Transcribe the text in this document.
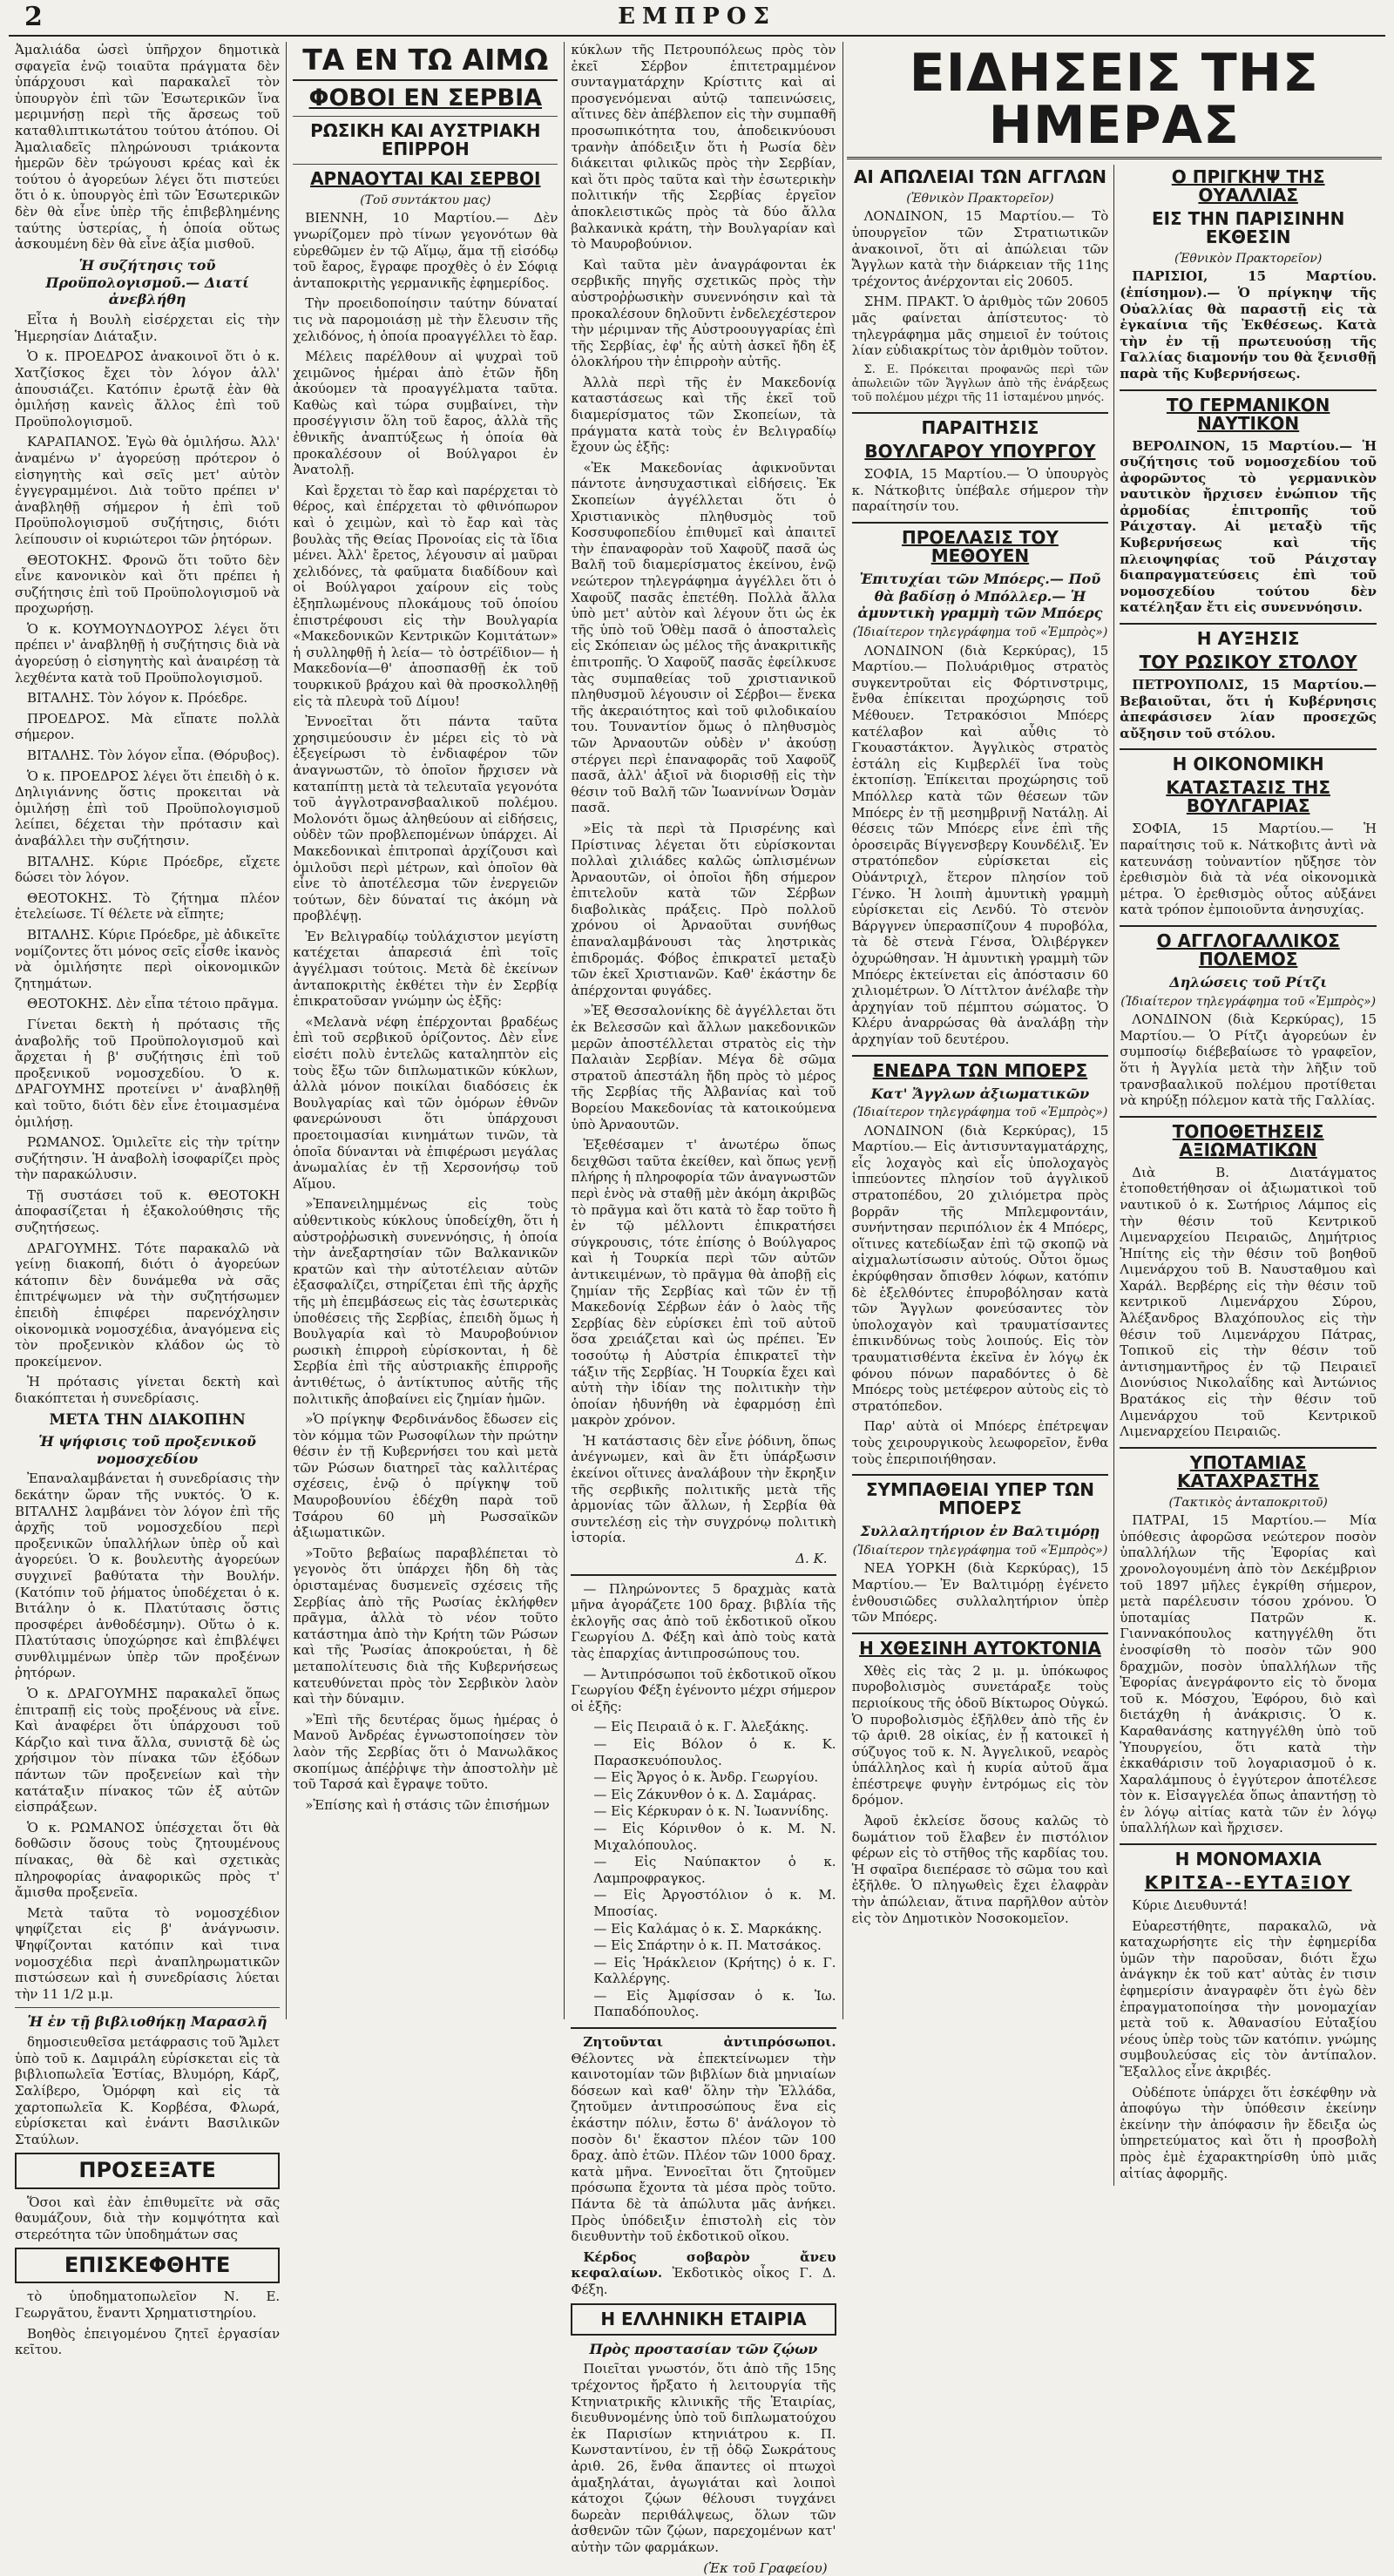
2	ΕΜΠΡΟΣ

Ἀμαλιάδα ὡσεὶ ὑπῆρχον δημοτικὰ σφαγεῖα ἐνῷ τοιαῦτα πράγματα δὲν ὑπάρχουσι καὶ παρακαλεῖ τὸν ὑπουργὸν ἐπὶ τῶν Ἐσωτερικῶν ἵνα μεριμνήσῃ περὶ τῆς ἄρσεως τοῦ καταθλιπτικωτάτου τούτου ἀτόπου. Οἱ Ἀμαλιαδεῖς πληρώνουσι τριάκοντα ἡμερῶν δὲν τρώγουσι κρέας καὶ ἐκ τούτου ὁ ἀγορεύων λέγει ὅτι πιστεύει ὅτι ὁ κ. ὑπουργὸς ἐπὶ τῶν Ἐσωτερικῶν δὲν θὰ εἶνε ὑπὲρ τῆς ἐπιβεβλημένης ταύτης ὑστερίας, ἡ ὁποία οὕτως ἀσκουμένη δὲν θὰ εἶνε ἀξία μισθοῦ.

Ἡ συζήτησις τοῦ Προϋπολογισμοῦ.— Διατί ἀνεβλήθη

Εἶτα ἡ Βουλὴ εἰσέρχεται εἰς τὴν Ἡμερησίαν Διάταξιν.

Ὁ κ. ΠΡΟΕΔΡΟΣ ἀνακοινοῖ ὅτι ὁ κ. Χατζίσκος ἔχει τὸν λόγον ἀλλ' ἀπουσιάζει. Κατόπιν ἐρωτᾷ ἐὰν θὰ ὁμιλήσῃ κανεὶς ἄλλος ἐπὶ τοῦ Προϋπολογισμοῦ.

ΚΑΡΑΠΑΝΟΣ. Ἐγὼ θὰ ὁμιλήσω. Ἀλλ' ἀναμένω ν' ἀγορεύσῃ πρότερον ὁ εἰσηγητὴς καὶ σεῖς μετ' αὐτὸν ἐγγεγραμμένοι. Διὰ τοῦτο πρέπει ν' ἀναβληθῇ σήμερον ἡ ἐπὶ τοῦ Προϋπολογισμοῦ συζήτησις, διότι λείπουσιν οἱ κυριώτεροι τῶν ῥητόρων.

ΘΕΟΤΟΚΗΣ. Φρονῶ ὅτι τοῦτο δὲν εἶνε κανονικὸν καὶ ὅτι πρέπει ἡ συζήτησις ἐπὶ τοῦ Προϋπολογισμοῦ νὰ προχωρήσῃ.

Ὁ κ. ΚΟΥΜΟΥΝΔΟΥΡΟΣ λέγει ὅτι πρέπει ν' ἀναβληθῇ ἡ συζήτησις διὰ νὰ ἀγορεύσῃ ὁ εἰσηγητὴς καὶ ἀναιρέσῃ τὰ λεχθέντα κατὰ τοῦ Προϋπολογισμοῦ.

ΒΙΤΑΛΗΣ. Τὸν λόγον κ. Πρόεδρε.

ΠΡΟΕΔΡΟΣ. Μὰ εἴπατε πολλὰ σήμερον.

ΒΙΤΑΛΗΣ. Τὸν λόγον εἶπα. (Θόρυβος).

Ὁ κ. ΠΡΟΕΔΡΟΣ λέγει ὅτι ἐπειδὴ ὁ κ. Δηλιγιάννης ὅστις προκειται νὰ ὁμιλήσῃ ἐπὶ τοῦ Προϋπολογισμοῦ λείπει, δέχεται τὴν πρότασιν καὶ ἀναβάλλει τὴν συζήτησιν.

ΒΙΤΑΛΗΣ. Κύριε Πρόεδρε, εἴχετε δώσει τὸν λόγον.

ΘΕΟΤΟΚΗΣ. Τὸ ζήτημα πλέον ἐτελείωσε. Τί θέλετε νὰ εἴπητε;

ΒΙΤΑΛΗΣ. Κύριε Πρόεδρε, μὲ ἀδικεῖτε νομίζοντες ὅτι μόνος σεῖς εἶσθε ἱκανὸς νὰ ὁμιλήσητε περὶ οἰκονομικῶν ζητημάτων.

ΘΕΟΤΟΚΗΣ. Δὲν εἶπα τέτοιο πρᾶγμα.

Γίνεται δεκτὴ ἡ πρότασις τῆς ἀναβολῆς τοῦ Προϋπολογισμοῦ καὶ ἄρχεται ἡ β' συζήτησις ἐπὶ τοῦ προξενικοῦ νομοσχεδίου. Ὁ κ. ΔΡΑΓΟΥΜΗΣ προτείνει ν' ἀναβληθῇ καὶ τοῦτο, διότι δὲν εἶνε ἑτοιμασμένα ὁμιλήσῃ.

ΡΩΜΑΝΟΣ. Ὁμιλεῖτε εἰς τὴν τρίτην συζήτησιν. Ἡ ἀναβολὴ ἰσοφαρίζει πρὸς τὴν παρακώλυσιν.

Τῇ συστάσει τοῦ κ. ΘΕΟΤΟΚΗ ἀποφασίζεται ἡ ἐξακολούθησις τῆς συζητήσεως.

ΔΡΑΓΟΥΜΗΣ. Τότε παρακαλῶ νὰ γείνῃ διακοπή, διότι ὁ ἀγορεύων κάτοπιν δὲν δυνάμεθα νὰ σᾶς ἐπιτρέψωμεν νὰ τὴν συζητήσωμεν ἐπειδὴ ἐπιφέρει παρενόχλησιν οἰκονομικὰ νομοσχέδια, ἀναγόμενα εἰς τὸν προξενικὸν κλάδον ὡς τὸ προκείμενον.

Ἡ πρότασις γίνεται δεκτὴ καὶ διακόπτεται ἡ συνεδρίασις.

ΜΕΤΑ ΤΗΝ ΔΙΑΚΟΠΗΝ
Ἡ ψήφισις τοῦ προξενικοῦ νομοσχεδίου

Ἐπαναλαμβάνεται ἡ συνεδρίασις τὴν δεκάτην ὥραν τῆς νυκτός. Ὁ κ. ΒΙΤΑΛΗΣ λαμβάνει τὸν λόγον ἐπὶ τῆς ἀρχῆς τοῦ νομοσχεδίου περὶ προξενικῶν ὑπαλλήλων ὑπὲρ οὗ καὶ ἀγορεύει. Ὁ κ. βουλευτὴς ἀγορεύων συγχινεῖ βαθύτατα τὴν Βουλήν. (Κατόπιν τοῦ ῥήματος ὑποδέχεται ὁ κ. Βιτάλην ὁ κ. Πλατύτασις ὅστις προσφέρει ἀνθοδέσμην). Οὕτω ὁ κ. Πλατύτασις ὑποχώρησε καὶ ἐπιβλέψει συνθλιμμένων ὑπὲρ τῶν προξένων ῥητόρων.

Ὁ κ. ΔΡΑΓΟΥΜΗΣ παρακαλεῖ ὅπως ἐπιτραπῇ εἰς τοὺς προξένους νὰ εἶνε. Καὶ ἀναφέρει ὅτι ὑπάρχουσι τοῦ Κάρζιο καὶ τινα ἄλλα, συνιστᾷ δὲ ὡς χρήσιμον τὸν πίνακα τῶν ἐξόδων πάντων τῶν προξενείων καὶ τὴν κατάταξιν πίνακος τῶν ἐξ αὐτῶν εἰσπράξεων.

Ὁ κ. ΡΩΜΑΝΟΣ ὑπέσχεται ὅτι θὰ δοθῶσιν ὅσους τοὺς ζητουμένους πίνακας, θὰ δὲ καὶ σχετικὰς πληροφορίας ἀναφορικῶς πρὸς τ' ἄμισθα προξενεῖα.

Μετὰ ταῦτα τὸ νομοσχέδιον ψηφίζεται εἰς β' ἀνάγνωσιν. Ψηφίζονται κατόπιν καὶ τινα νομοσχέδια περὶ ἀναπληρωματικῶν πιστώσεων καὶ ἡ συνεδρίασις λύεται τὴν 11 1/2 μ.μ.

Ἡ ἐν τῇ βιβλιοθήκῃ Μαρασλῆ

δημοσιευθεῖσα μετάφρασις τοῦ Ἄμλετ ὑπὸ τοῦ κ. Δαμιράλη εὑρίσκεται εἰς τὰ βιβλιοπωλεῖα Ἑστίας, Βλυμόρη, Κάρζ, Σαλίβερο, Ὁμόρφη καὶ εἰς τὰ χαρτοπωλεῖα Κ. Κορβέσα, Φλωρά, εὑρίσκεται καὶ ἐνάντι Βασιλικῶν Σταύλων.

ΠΡΟΣΕΞΑΤΕ

Ὅσοι καὶ ἐὰν ἐπιθυμεῖτε νὰ σᾶς θαυμάζουν, διὰ τὴν κομψότητα καὶ στερεότητα τῶν ὑποδημάτων σας

ΕΠΙΣΚΕΦΘΗΤΕ

τὸ ὑποδηματοπωλεῖον Ν. Ε. Γεωργᾶτου, ἔναντι Χρηματιστηρίου.

Βοηθὸς ἐπειγομένου ζητεῖ ἐργασίαν κεῖτου.

ΤΑ ΕΝ ΤΩ ΑΙΜΩ
ΦΟΒΟΙ ΕΝ ΣΕΡΒΙΑ
ΡΩΣΙΚΗ ΚΑΙ ΑΥΣΤΡΙΑΚΗ ΕΠΙΡΡΟΗ
ΑΡΝΑΟΥΤΑΙ ΚΑΙ ΣΕΡΒΟΙ
(Τοῦ συντάκτου μας)

ΒΙΕΝΝΗ, 10 Μαρτίου.— Δὲν γνωρίζομεν πρὸ τίνων γεγονότων θὰ εὑρεθῶμεν ἐν τῷ Αἵμῳ, ἅμα τῇ εἰσόδῳ τοῦ ἔαρος, ἔγραφε προχθὲς ὁ ἐν Σόφιᾳ ἀνταποκριτὴς γερμανικῆς ἐφημερίδος.

Τὴν προειδοποίησιν ταύτην δύναταί τις νὰ παρομοιάσῃ μὲ τὴν ἔλευσιν τῆς χελιδόνος, ἡ ὁποία προαγγέλλει τὸ ἔαρ.

Μέλεις παρέλθουν αἱ ψυχραὶ τοῦ χειμῶνος ἡμέραι ἀπὸ ἐτῶν ἤδη ἀκούομεν τὰ προαγγέλματα ταῦτα. Καθὼς καὶ τώρα συμβαίνει, τὴν προσέγγισιν ὅλη τοῦ ἔαρος, ἀλλὰ τῆς ἐθνικῆς ἀναπτύξεως ἡ ὁποία θὰ προκαλέσουν οἱ Βούλγαροι ἐν Ἀνατολῇ.

Καὶ ἔρχεται τὸ ἔαρ καὶ παρέρχεται τὸ θέρος, καὶ ἐπέρχεται τὸ φθινόπωρον καὶ ὁ χειμὼν, καὶ τὸ ἔαρ καὶ τὰς βουλὰς τῆς Θείας Προνοίας εἰς τὰ ἴδια μένει. Ἀλλ' ἔρετος, λέγουσιν αἱ μαῦραι χελιδόνες, τὰ φαῦματα διαδίδουν καὶ οἱ Βούλγαροι χαίρουν εἰς τοὺς ἐξηπλωμένους πλοκάμους τοῦ ὁποίου ἐπιστρέφουσι εἰς τὴν Βουλγαρία «Μακεδονικῶν Κεντρικῶν Κομιτάτων» ἡ συλληφθῇ ἡ λεία— τὸ ὀστρέϊδιον— ἡ Μακεδονία—θ' ἀποσπασθῇ ἐκ τοῦ τουρκικοῦ βράχου καὶ θὰ προσκολληθῇ εἰς τὰ πλευρὰ τοῦ Δίμου!

Ἐννοεῖται ὅτι πάντα ταῦτα χρησιμεύουσιν ἐν μέρει εἰς τὸ νὰ ἐξεγείρωσι τὸ ἐνδιαφέρον τῶν ἀναγνωστῶν, τὸ ὁποῖον ἤρχισεν νὰ καταπίπτῃ μετὰ τὰ τελευταῖα γεγονότα τοῦ ἀγγλοτρανσβααλικοῦ πολέμου. Μολονότι ὅμως ἀληθεύουν αἱ εἰδήσεις, οὐδὲν τῶν προβλεπομένων ὑπάρχει. Αἱ Μακεδονικαὶ ἐπιτροπαὶ ἀρχίζουσι καὶ ὁμιλοῦσι περὶ μέτρων, καὶ ὁποῖον θὰ εἶνε τὸ ἀποτέλεσμα τῶν ἐνεργειῶν τούτων, δὲν δύναταί τις ἀκόμη νὰ προβλέψῃ.

Ἐν Βελιγραδίῳ τοὐλάχιστον μεγίστη κατέχεται ἀπαρεσιά ἐπὶ τοῖς ἀγγέλμασι τούτοις. Μετὰ δὲ ἐκείνων ἀνταποκριτὴς ἐκθέτει τὴν ἐν Σερβίᾳ ἐπικρατοῦσαν γνώμην ὡς ἑξῆς:

«Μελανὰ νέφη ἐπέρχονται βραδέως ἐπὶ τοῦ σερβικοῦ ὁρίζοντος. Δὲν εἶνε εἰσέτι πολὺ ἐντελῶς καταληπτὸν εἰς τοὺς ἔξω τῶν διπλωματικῶν κύκλων, ἀλλὰ μόνον ποικίλαι διαδόσεις ἐκ Βουλγαρίας καὶ τῶν ὁμόρων ἐθνῶν φανερώνουσι ὅτι ὑπάρχουσι προετοιμασίαι κινημάτων τινῶν, τὰ ὁποῖα δύνανται νὰ ἐπιφέρωσι μεγάλας ἀνωμαλίας ἐν τῇ Χερσονήσῳ τοῦ Αἵμου.

»Ἐπανειλημμένως εἰς τοὺς αὐθεντικοὺς κύκλους ὑποδείχθη, ὅτι ἡ αὐστροῤῥωσικὴ συνεννόησις, ἡ ὁποία τὴν ἀνεξαρτησίαν τῶν Βαλκανικῶν κρατῶν καὶ τὴν αὐτοτέλειαν αὐτῶν ἐξασφαλίζει, στηρίζεται ἐπὶ τῆς ἀρχῆς τῆς μὴ ἐπεμβάσεως εἰς τὰς ἐσωτερικὰς ὑποθέσεις τῆς Σερβίας, ἐπειδὴ ὅμως ἡ Βουλγαρία καὶ τὸ Μαυροβούνιον ρωσικὴ ἐπιρροὴ εὑρίσκονται, ἡ δὲ Σερβία ἐπὶ τῆς αὐστριακῆς ἐπιρροῆς ἀντιθέτως, ὁ ἀντίκτυπος αὐτῆς τῆς πολιτικῆς ἀποβαίνει εἰς ζημίαν ἡμῶν.

»Ὁ πρίγκηψ Φερδινάνδος ἔδωσεν εἰς τὸν κόμμα τῶν Ρωσοφίλων τὴν πρώτην θέσιν ἐν τῇ Κυβερνήσει του καὶ μετὰ τῶν Ρώσων διατηρεῖ τὰς καλλιτέρας σχέσεις, ἐνῷ ὁ πρίγκηψ τοῦ Μαυροβουνίου ἐδέχθη παρὰ τοῦ Τσάρου 60 μὴ Ρωσσαϊκῶν ἀξιωματικῶν.

»Τοῦτο βεβαίως παραβλέπεται τὸ γεγονὸς ὅτι ὑπάρχει ἤδη δὴ τὰς ὁρισταμένας δυσμενεῖς σχέσεις τῆς Σερβίας ἀπὸ τῆς Ρωσίας ἐκλήφθεν πρᾶγμα, ἀλλὰ τὸ νέον τοῦτο κατάστημα ἀπὸ τὴν Κρήτη τῶν Ρώσων καὶ τῆς Ῥωσίας ἀποκρούεται, ἡ δὲ μεταπολίτευσις διὰ τῆς Κυβερνήσεως κατευθύνεται πρὸς τὸν Σερβικὸν λαὸν καὶ τὴν δύναμιν.

»Ἐπὶ τῆς δευτέρας ὅμως ἡμέρας ὁ Μανοῦ Ἀνδρέας ἐγνωστοποίησεν τὸν λαὸν τῆς Σερβίας ὅτι ὁ Μανωλᾶκος σκοπίμως ἀπέῤῥιψε τὴν ἀποστολὴν μὲ τοῦ Ταρσά καὶ ἔγραψε τοῦτο.

»Ἐπίσης καὶ ἡ στάσις τῶν ἐπισήμων

κύκλων τῆς Πετρουπόλεως πρὸς τὸν ἐκεῖ Σέρβον ἐπιτετραμμένον συνταγματάρχην Κρίστιτς καὶ αἱ προσγενόμεναι αὐτῷ ταπεινώσεις, αἵτινες δὲν ἀπέβλεπον εἰς τὴν συμπαθῆ προσωπικότητα του, ἀποδεικνύουσι τρανὴν ἀπόδειξιν ὅτι ἡ Ρωσία δὲν διάκειται φιλικῶς πρὸς τὴν Σερβίαν, καὶ ὅτι πρὸς ταῦτα καὶ τὴν ἐσωτερικὴν πολιτικήν τῆς Σερβίας ἐργεῖον ἀποκλειστικῶς πρὸς τὰ δύο ἄλλα βαλκανικὰ κράτη, τὴν Βουλγαρίαν καὶ τὸ Μαυροβούνιον.

Καὶ ταῦτα μὲν ἀναγράφονται ἐκ σερβικῆς πηγῆς σχετικῶς πρὸς τὴν αὐστροῤῥωσικὴν συνεννόησιν καὶ τὰ προκαλέσουν δηλοῦντι ἐνδελεχέστερον τὴν μέριμναν τῆς Αὐστροουγγαρίας ἐπὶ τῆς Σερβίας, ἐφ' ἧς αὐτὴ ἀσκεῖ ἤδη ἐξ ὁλοκλήρου τὴν ἐπιρροὴν αὐτῆς.

Ἀλλὰ περὶ τῆς ἐν Μακεδονίᾳ καταστάσεως καὶ τῆς ἐκεῖ τοῦ διαμερίσματος τῶν Σκοπείων, τὰ πράγματα κατὰ τοὺς ἐν Βελιγραδίῳ ἔχουν ὡς ἑξῆς:

«Ἐκ Μακεδονίας ἀφικνοῦνται πάντοτε ἀνησυχαστικαὶ εἰδήσεις. Ἐκ Σκοπείων ἀγγέλλεται ὅτι ὁ Χριστιανικὸς πληθυσμὸς τοῦ Κοσσυφοπεδίου ἐπιθυμεῖ καὶ ἀπαιτεῖ τὴν ἐπαναφορὰν τοῦ Χαφοῦζ πασᾶ ὡς Βαλῆ τοῦ διαμερίσματος ἐκείνου, ἐνῷ νεώτερον τηλεγράφημα ἀγγέλλει ὅτι ὁ Χαφοῦζ πασᾶς ἐπετέθη. Πολλὰ ἄλλα ὑπὸ μετ' αὐτὸν καὶ λέγουν ὅτι ὡς ἐκ τῆς ὑπὸ τοῦ Ὁθὲμ πασᾶ ὁ ἀποσταλεὶς εἰς Σκόπειαν ὡς μέλος τῆς ἀνακριτικῆς ἐπιτροπῆς. Ὁ Χαφοῦζ πασᾶς ἐφείλκυσε τὰς συμπαθείας τοῦ χριστιανικοῦ πληθυσμοῦ λέγουσιν οἱ Σέρβοι— ἕνεκα τῆς ἀκεραιότητος καὶ τοῦ φιλοδικαίου του. Τουναντίον ὅμως ὁ πληθυσμὸς τῶν Ἀρναουτῶν οὐδὲν ν' ἀκούσῃ στέργει περὶ ἐπαναφορᾶς τοῦ Χαφοῦζ πασᾶ, ἀλλ' ἀξιοῖ νὰ διορισθῇ εἰς τὴν θέσιν τοῦ Βαλῆ τῶν Ἰωαννίνων Ὀσμὰν πασᾶ.

»Εἰς τὰ περὶ τὰ Πρισρένης καὶ Πρίστινας λέγεται ὅτι εὑρίσκονται πολλαὶ χιλιάδες καλῶς ὡπλισμένων Ἀρναουτῶν, οἱ ὁποῖοι ἤδη σήμερον ἐπιτελοῦν κατὰ τῶν Σέρβων διαβολικὰς πράξεις. Πρὸ πολλοῦ χρόνου οἱ Ἀρναοῦται συνήθως ἐπαναλαμβάνουσι τὰς ληστρικὰς ἐπιδρομάς. Φόβος ἐπικρατεῖ μεταξὺ τῶν ἐκεῖ Χριστιανῶν. Καθ' ἑκάστην δε ἀπέρχονται φυγάδες.

»Ἐξ Θεσσαλονίκης δὲ ἀγγέλλεται ὅτι ἐκ Βελεσσῶν καὶ ἄλλων μακεδονικῶν μερῶν ἀποστέλλεται στρατὸς εἰς τὴν Παλαιὰν Σερβίαν. Μέγα δὲ σῶμα στρατοῦ ἀπεστάλη ἤδη πρὸς τὸ μέρος τῆς Σερβίας τῆς Ἀλβανίας καὶ τοῦ Βορείου Μακεδονίας τὰ κατοικούμενα ὑπὸ Ἀρναουτῶν.

Ἐξεθέσαμεν τ' ἀνωτέρω ὅπως δειχθῶσι ταῦτα ἐκείθεν, καὶ ὅπως γενῇ πλήρης ἡ πληροφορία τῶν ἀναγνωστῶν περὶ ἐνὸς νὰ σταθῇ μὲν ἀκόμη ἀκριβῶς τὸ πρᾶγμα καὶ ὅτι κατὰ τὸ ἔαρ τοῦτο ἢ ἐν τῷ μέλλοντι ἐπικρατήσει σύγκρουσις, τότε ἐπίσης ὁ Βούλγαρος καὶ ἡ Τουρκία περὶ τῶν αὐτῶν ἀντικειμένων, τὸ πρᾶγμα θὰ ἀποβῇ εἰς ζημίαν τῆς Σερβίας καὶ τῶν ἐν τῇ Μακεδονίᾳ Σέρβων ἐάν ὁ λαὸς τῆς Σερβίας δὲν εὑρίσκει ἐπὶ τοῦ αὐτοῦ ὅσα χρειάζεται καὶ ὡς πρέπει. Ἐν τοσούτῳ ἡ Αὐστρία ἐπικρατεῖ τὴν τάξιν τῆς Σερβίας. Ἡ Τουρκία ἔχει καὶ αὐτὴ τὴν ἰδίαν της πολιτικὴν τὴν ὁποίαν ἠδυνήθη νὰ ἐφαρμόσῃ ἐπὶ μακρὸν χρόνον.

Ἡ κατάστασις δὲν εἶνε ῥόδινη, ὅπως ἀνέγνωμεν, καὶ ἂν ἔτι ὑπάρξωσιν ἐκείνοι οἵτινες ἀναλάβουν τὴν ἔκρηξιν τῆς σερβικῆς πολιτικῆς μετὰ τῆς ἁρμονίας τῶν ἄλλων, ἡ Σερβία θὰ συντελέσῃ εἰς τὴν συγχρόνῳ πολιτικὴ ἱστορία.

Δ. Κ.

— Πληρώνοντες 5 δραχμὰς κατὰ μῆνα ἀγοράζετε 100 δραχ. βιβλία τῆς ἐκλογῆς σας ἀπὸ τοῦ ἐκδοτικοῦ οἴκου Γεωργίου Δ. Φέξη καὶ ἀπὸ τοὺς κατὰ τὰς ἐπαρχίας ἀντιπροσώπους του.

— Ἀντιπρόσωποι τοῦ ἐκδοτικοῦ οἴκου Γεωργίου Φέξη ἐγένοντο μέχρι σήμερον οἱ ἑξῆς:

— Εἰς Πειραιᾶ ὁ κ. Γ. Ἀλεξάκης.

— Εἰς Βόλον ὁ κ. Κ. Παρασκευόπουλος.

— Εἰς Ἄργος ὁ κ. Ἀνδρ. Γεωργίου.

— Εἰς Ζάκυνθον ὁ κ. Δ. Σαμάρας.

— Εἰς Κέρκυραν ὁ κ. Ν. Ἰωαννίδης.

— Εἰς Κόρινθον ὁ κ. Μ. Ν. Μιχαλόπουλος.

— Εἰς Ναύπακτον ὁ κ. Λαμπροφραγκος.

— Εἰς Ἀργοστόλιον ὁ κ. Μ. Μποσίας.

— Εἰς Καλάμας ὁ κ. Σ. Μαρκάκης.

— Εἰς Σπάρτην ὁ κ. Π. Ματσάκος.

— Εἰς Ἡράκλειον (Κρήτης) ὁ κ. Γ. Καλλέργης.

— Εἰς Ἀμφίσσαν ὁ κ. Ἰω. Παπαδόπουλος.

Ζητοῦνται ἀντιπρόσωποι. Θέλοντες νὰ ἐπεκτείνωμεν τὴν καινοτομίαν τῶν βιβλίων διὰ μηνιαίων δόσεων καὶ καθ' ὅλην τὴν Ἑλλάδα, ζητοῦμεν ἀντιπροσώπους ἕνα εἰς ἑκάστην πόλιν, ἔστω δ' ἀνάλογον τὸ ποσὸν δι' ἕκαστον πλέον τῶν 100 δραχ. ἀπὸ ἐτῶν. Πλέον τῶν 1000 δραχ. κατὰ μῆνα. Ἐννοεῖται ὅτι ζητοῦμεν πρόσωπα ἔχοντα τὰ μέσα πρὸς τοῦτο. Πάντα δὲ τὰ ἀπώλυτα μᾶς ἀνήκει. Πρὸς ὑπόδειξιν ἐπιστολὴ εἰς τὸν διευθυντὴν τοῦ ἐκδοτικοῦ οἴκου.

Κέρδος σοβαρὸν ἄνευ κεφαλαίων. Ἐκδοτικὸς οἶκος Γ. Δ. Φέξη.

Η ΕΛΛΗΝΙΚΗ ΕΤΑΙΡΙΑ
Πρὸς προστασίαν τῶν ζῴων

Ποιεῖται γνωστόν, ὅτι ἀπὸ τῆς 15ης τρέχοντος ἤρξατο ἡ λειτουργία τῆς Κτηνιατρικῆς κλινικῆς τῆς Ἑταιρίας, διευθυνομένης ὑπὸ τοῦ διπλωματούχου ἐκ Παρισίων κτηνιάτρου κ. Π. Κωνσταντίνου, ἐν τῇ ὁδῷ Σωκράτους ἀριθ. 26, ἔνθα ἅπαντες οἱ πτωχοὶ ἀμαξηλάται, ἀγωγιάται καὶ λοιποὶ κάτοχοι ζῴων θέλουσι τυγχάνει δωρεὰν περιθάλψεως, ὅλων τῶν ἀσθενῶν τῶν ζῴων, παρεχομένων κατ' αὐτὴν τῶν φαρμάκων.

(Ἐκ τοῦ Γραφείου)
ΕΙΔΗΣΕΙΣ ΤΗΣ ΗΜΕΡΑΣ
ΑΙ ΑΠΩΛΕΙΑΙ ΤΩΝ ΑΓΓΛΩΝ
(Ἐθνικὸν Πρακτορεῖον)

ΛΟΝΔΙΝΟΝ, 15 Μαρτίου.— Τὸ ὑπουργεῖον τῶν Στρατιωτικῶν ἀνακοινοῖ, ὅτι αἱ ἀπώλειαι τῶν Ἄγγλων κατὰ τὴν διάρκειαν τῆς 11ης τρέχοντος ἀνέρχονται εἰς 20605.

ΣΗΜ. ΠΡΑΚΤ. Ὁ ἀριθμὸς τῶν 20605 μᾶς φαίνεται ἀπίστευτος· τὸ τηλεγράφημα μᾶς σημειοῖ ἐν τούτοις λίαν εὐδιακρίτως τὸν ἀριθμὸν τοῦτον.

Σ. Ε. Πρόκειται προφανῶς περὶ τῶν ἀπωλειῶν τῶν Ἄγγλων ἀπὸ τῆς ἐνάρξεως τοῦ πολέμου μέχρι τῆς 11 ἱσταμένου μηνός.

ΠΑΡΑΙΤΗΣΙΣ
ΒΟΥΛΓΑΡΟΥ ΥΠΟΥΡΓΟΥ

ΣΟΦΙΑ, 15 Μαρτίου.— Ὁ ὑπουργὸς κ. Νάτκοβιτς ὑπέβαλε σήμερον τὴν παραίτησίν του.

ΠΡΟΕΛΑΣΙΣ ΤΟΥ ΜΕΘΟΥΕΝ
Ἐπιτυχίαι τῶν Μπόερς.— Ποῦ θὰ βαδίσῃ ὁ Μπόλλερ.— Ἡ ἀμυντικὴ γραμμὴ τῶν Μπόερς
(Ἰδιαίτερον τηλεγράφημα τοῦ «Ἐμπρὸς»)

ΛΟΝΔΙΝΟΝ (διὰ Κερκύρας), 15 Μαρτίου.— Πολυάριθμος στρατὸς συγκεντροῦται εἰς Φόρτινστριμς, ἔνθα ἐπίκειται προχώρησις τοῦ Μέθουεν. Τετρακόσιοι Μπόερς κατέλαβον καὶ αὖθις τὸ Γκουαστάκτον. Ἀγγλικὸς στρατὸς ἐστάλη εἰς Κιμβερλέϊ ἵνα τοὺς ἐκτοπίσῃ. Ἐπίκειται προχώρησις τοῦ Μπόλλερ κατὰ τῶν θέσεων τῶν Μπόερς ἐν τῇ μεσημβρινῇ Νατάλῃ. Αἱ θέσεις τῶν Μπόερς εἶνε ἐπὶ τῆς ὁροσειρᾶς Βίγγενσβεργ Κουνδέλιξ. Ἐν στρατόπεδον εὑρίσκεται εἰς Οὐάντριχλ, ἕτερον πλησίον τοῦ Γένκο. Ἡ λοιπὴ ἀμυντικὴ γραμμὴ εὑρίσκεται εἰς Λενδύ. Τὸ στενὸν Βάργγνεν ὑπερασπίζουν 4 πυροβόλα, τὰ δὲ στενὰ Γένσα, Ὀλιβέργκεν ὀχυρώθησαν. Ἡ ἀμυντικὴ γραμμὴ τῶν Μπόερς ἐκτείνεται εἰς ἀπόστασιν 60 χιλιομέτρων. Ὁ Λίττλτον ἀνέλαβε τὴν ἀρχηγίαν τοῦ πέμπτου σώματος. Ὁ Κλέρυ ἀναρρώσας θὰ ἀναλάβῃ τὴν ἀρχηγίαν τοῦ δευτέρου.

ΕΝΕΔΡΑ ΤΩΝ ΜΠΟΕΡΣ
Κατ' Ἄγγλων ἀξιωματικῶν
(Ἰδιαίτερον τηλεγράφημα τοῦ «Ἐμπρὸς»)

ΛΟΝΔΙΝΟΝ (διὰ Κερκύρας), 15 Μαρτίου.— Εἰς ἀντισυνταγματάρχης, εἷς λοχαγὸς καὶ εἷς ὑπολοχαγὸς ἱππεύοντες πλησίον τοῦ ἀγγλικοῦ στρατοπέδου, 20 χιλιόμετρα πρὸς βορρᾶν τῆς Μπλεμφοντάιν, συνήντησαν περιπόλιον ἐκ 4 Μπόερς, οἵτινες κατεδίωξαν ἐπὶ τῷ σκοπῷ νὰ αἰχμαλωτίσωσιν αὐτούς. Οὗτοι ὅμως ἐκρύφθησαν ὄπισθεν λόφων, κατόπιν δὲ ἐξελθόντες ἐπυροβόλησαν κατὰ τῶν Ἄγγλων φονεύσαντες τὸν ὑπολοχαγὸν καὶ τραυματίσαντες ἐπικινδύνως τοὺς λοιπούς. Εἰς τὸν τραυματισθέντα ἐκεῖνα ἐν λόγῳ ἐκ φόνου πόνων παραδόντες ὁ δὲ Μπόερς τοὺς μετέφερον αὐτοὺς εἰς τὸ στρατόπεδον.

Παρ' αὐτὰ οἱ Μπόερς ἐπέτρεψαν τοὺς χειρουργικοὺς λεωφορεῖον, ἔνθα τοὺς ἐπεριποιήθησαν.

ΣΥΜΠΑΘΕΙΑΙ ΥΠΕΡ ΤΩΝ ΜΠΟΕΡΣ
Συλλαλητήριον ἐν Βαλτιμόρῃ
(Ἰδιαίτερον τηλεγράφημα τοῦ «Ἐμπρὸς»)

ΝΕΑ ΥΟΡΚΗ (διὰ Κερκύρας), 15 Μαρτίου.— Ἐν Βαλτιμόρῃ ἐγένετο ἐνθουσιῶδες συλλαλητήριον ὑπὲρ τῶν Μπόερς.

Η ΧΘΕΣΙΝΗ ΑΥΤΟΚΤΟΝΙΑ

Χθὲς εἰς τὰς 2 μ. μ. ὑπόκωφος πυροβολισμὸς συνετάραξε τοὺς περιοίκους τῆς ὁδοῦ Βίκτωρος Οὐγκώ. Ὁ πυροβολισμὸς ἐξῆλθεν ἀπὸ τῆς ἐν τῷ ἀριθ. 28 οἰκίας, ἐν ᾗ κατοικεῖ ἡ σύζυγος τοῦ κ. Ν. Ἀγγελικοῦ, νεαρὸς ὑπάλληλος καὶ ἡ κυρία αὐτοῦ ἅμα ἐπέστρεψε φυγὴν ἐντρόμως εἰς τὸν δρόμον.

Ἀφοῦ ἐκλείσε ὅσους καλῶς τὸ δωμάτιον τοῦ ἔλαβεν ἐν πιστόλιον φέρων εἰς τὸ στῆθος τῆς καρδίας του. Ἡ σφαῖρα διεπέρασε τὸ σῶμα του καὶ ἐξῆλθε. Ὁ πληγωθεὶς ἔχει ἐλαφρὰν τὴν ἀπώλειαν, ἅτινα παρῆλθον αὐτὸν εἰς τὸν Δημοτικὸν Νοσοκομεῖον.

Ο ΠΡΙΓΚΗΨ ΤΗΣ ΟΥΑΛΛΙΑΣ
ΕΙΣ ΤΗΝ ΠΑΡΙΣΙΝΗΝ ΕΚΘΕΣΙΝ
(Ἐθνικὸν Πρακτορεῖον)

ΠΑΡΙΣΙΟΙ, 15 Μαρτίου. (ἐπίσημον).— Ὁ πρίγκηψ τῆς Οὐαλλίας θὰ παραστῇ εἰς τὰ ἐγκαίνια τῆς Ἐκθέσεως. Κατὰ τὴν ἐν τῇ πρωτευούσῃ τῆς Γαλλίας διαμονήν του θὰ ξενισθῇ παρὰ τῆς Κυβερνήσεως.

ΤΟ ΓΕΡΜΑΝΙΚΟΝ ΝΑΥΤΙΚΟΝ

ΒΕΡΟΛΙΝΟΝ, 15 Μαρτίου.— Ἡ συζήτησις τοῦ νομοσχεδίου τοῦ ἀφορῶντος τὸ γερμανικὸν ναυτικὸν ἤρχισεν ἐνώπιον τῆς ἀρμοδίας ἐπιτροπῆς τοῦ Ράιχσταγ. Αἱ μεταξὺ τῆς Κυβερνήσεως καὶ τῆς πλειοψηφίας τοῦ Ράιχσταγ διαπραγματεύσεις ἐπὶ τοῦ νομοσχεδίου τούτου δὲν κατέληξαν ἔτι εἰς συνεννόησιν.

Η ΑΥΞΗΣΙΣ
ΤΟΥ ΡΩΣΙΚΟΥ ΣΤΟΛΟΥ

ΠΕΤΡΟΥΠΟΛΙΣ, 15 Μαρτίου.— Βεβαιοῦται, ὅτι ἡ Κυβέρνησις ἀπεφάσισεν λίαν προσεχῶς αὔξησιν τοῦ στόλου.

Η ΟΙΚΟΝΟΜΙΚΗ
ΚΑΤΑΣΤΑΣΙΣ ΤΗΣ ΒΟΥΛΓΑΡΙΑΣ

ΣΟΦΙΑ, 15 Μαρτίου.— Ἡ παραίτησις τοῦ κ. Νάτκοβιτς ἀντὶ νὰ κατευνάσῃ τοὐναντίον ηὔξησε τὸν ἐρεθισμὸν διὰ τὰ νέα οἰκονομικὰ μέτρα. Ὁ ἐρεθισμὸς οὗτος αὐξάνει κατὰ τρόπον ἐμποιοῦντα ἀνησυχίας.

Ο ΑΓΓΛΟΓΑΛΛΙΚΟΣ ΠΟΛΕΜΟΣ
Δηλώσεις τοῦ Ρίτζι
(Ἰδιαίτερον τηλεγράφημα τοῦ «Ἐμπρὸς»)

ΛΟΝΔΙΝΟΝ (διὰ Κερκύρας), 15 Μαρτίου.— Ὁ Ρίτζι ἀγορεύων ἐν συμποσίῳ διέβεβαίωσε τὸ γραφεῖον, ὅτι ἡ Ἀγγλία μετὰ τὴν λῆξιν τοῦ τρανσβααλικοῦ πολέμου προτίθεται νὰ κηρύξῃ πόλεμον κατὰ τῆς Γαλλίας.

ΤΟΠΟΘΕΤΗΣΕΙΣ ΑΞΙΩΜΑΤΙΚΩΝ

Διὰ Β. Διατάγματος ἐτοποθετήθησαν οἱ ἀξιωματικοὶ τοῦ ναυτικοῦ ὁ κ. Σωτήριος Λάμπος εἰς τὴν θέσιν τοῦ Κεντρικοῦ Λιμεναρχείου Πειραιῶς, Δημήτριος Ἠπίτης εἰς τὴν θέσιν τοῦ βοηθοῦ Λιμενάρχου τοῦ Β. Ναυσταθμου καὶ Χαράλ. Βερβέρης εἰς τὴν θέσιν τοῦ κεντρικοῦ Λιμενάρχου Σύρου, Ἀλέξανδρος Βλαχόπουλος εἰς τὴν θέσιν τοῦ Λιμενάρχου Πάτρας, Τοπικοῦ εἰς τὴν θέσιν τοῦ ἀντισημαντῆρος ἐν τῷ Πειραιεῖ Διονύσιος Νικολαΐδης καὶ Ἀντώνιος Βρατάκος εἰς τὴν θέσιν τοῦ Λιμενάρχου τοῦ Κεντρικοῦ Λιμεναρχείου Πειραιῶς.

ΥΠΟΤΑΜΙΑΣ ΚΑΤΑΧΡΑΣΤΗΣ
(Τακτικὸς ἀνταποκριτοῦ)

ΠΑΤΡΑΙ, 15 Μαρτίου.— Μία ὑπόθεσις ἀφορῶσα νεώτερον ποσὸν ὑπαλλήλων τῆς Ἐφορίας καὶ χρονολογουμένη ἀπὸ τὸν Δεκέμβριον τοῦ 1897 μῆλες ἐγκρίθη σήμερον, μετὰ παρέλευσιν τόσου χρόνου. Ὁ ὑποταμίας Πατρῶν κ. Γιαννακόπουλος κατηγγέλθη ὅτι ἐνοσφίσθη τὸ ποσὸν τῶν 900 δραχμῶν, ποσὸν ὑπαλλήλων τῆς Ἐφορίας ἀνεγράφοντο εἰς τὸ ὄνομα τοῦ κ. Μόσχου, Ἐφόρου, διὸ καὶ διετάχθη ἡ ἀνάκρισις. Ὁ κ. Καραθανάσης κατηγγέλθη ὑπὸ τοῦ Ὑπουργείου, ὅτι κατὰ τὴν ἐκκαθάρισιν τοῦ λογαριασμοῦ ὁ κ. Χαραλάμπους ὁ ἐγγύτερον ἀποτέλεσε τὸν κ. Εἰσαγγελέα ὅπως ἀπαντήσῃ τὸ ἐν λόγῳ αἰτίας κατὰ τῶν ἐν λόγῳ ὑπαλλήλων καὶ ἤρχισεν.

Η ΜΟΝΟΜΑΧΙΑ
ΚΡΙΤΣΑ--ΕΥΤΑΞΙΟΥ

Κύριε Διευθυντά!

Εὐαρεστήθητε, παρακαλῶ, νὰ καταχωρήσητε εἰς τὴν ἐφημερίδα ὑμῶν τὴν παροῦσαν, διότι ἔχω ἀνάγκην ἐκ τοῦ κατ' αὐτὰς ἐν τισιν ἐφημερίσιν ἀναγραφὲν ὅτι ἐγὼ δὲν ἐπραγματοποίησα τὴν μονομαχίαν μετὰ τοῦ κ. Ἀθανασίου Εὐταξίου νέους ὑπὲρ τοὺς τῶν κατόπιν. γνώμης συμβουλεύσας εἰς τὸν ἀντίπαλον. Ἔξαλλος εἶνε ἀκριβές.

Οὐδέποτε ὑπάρχει ὅτι ἐσκέφθην νὰ ἀποφύγω τὴν ὑπόθεσιν ἐκείνην ἐκείνην τὴν ἀπόφασιν ἣν ἔδειξα ὡς ὑπηρετεύματος καὶ ὅτι ἡ προσβολὴ πρὸς ἐμὲ ἐχαρακτηρίσθη ὑπὸ μιᾶς αἰτίας ἀφορμῆς.
